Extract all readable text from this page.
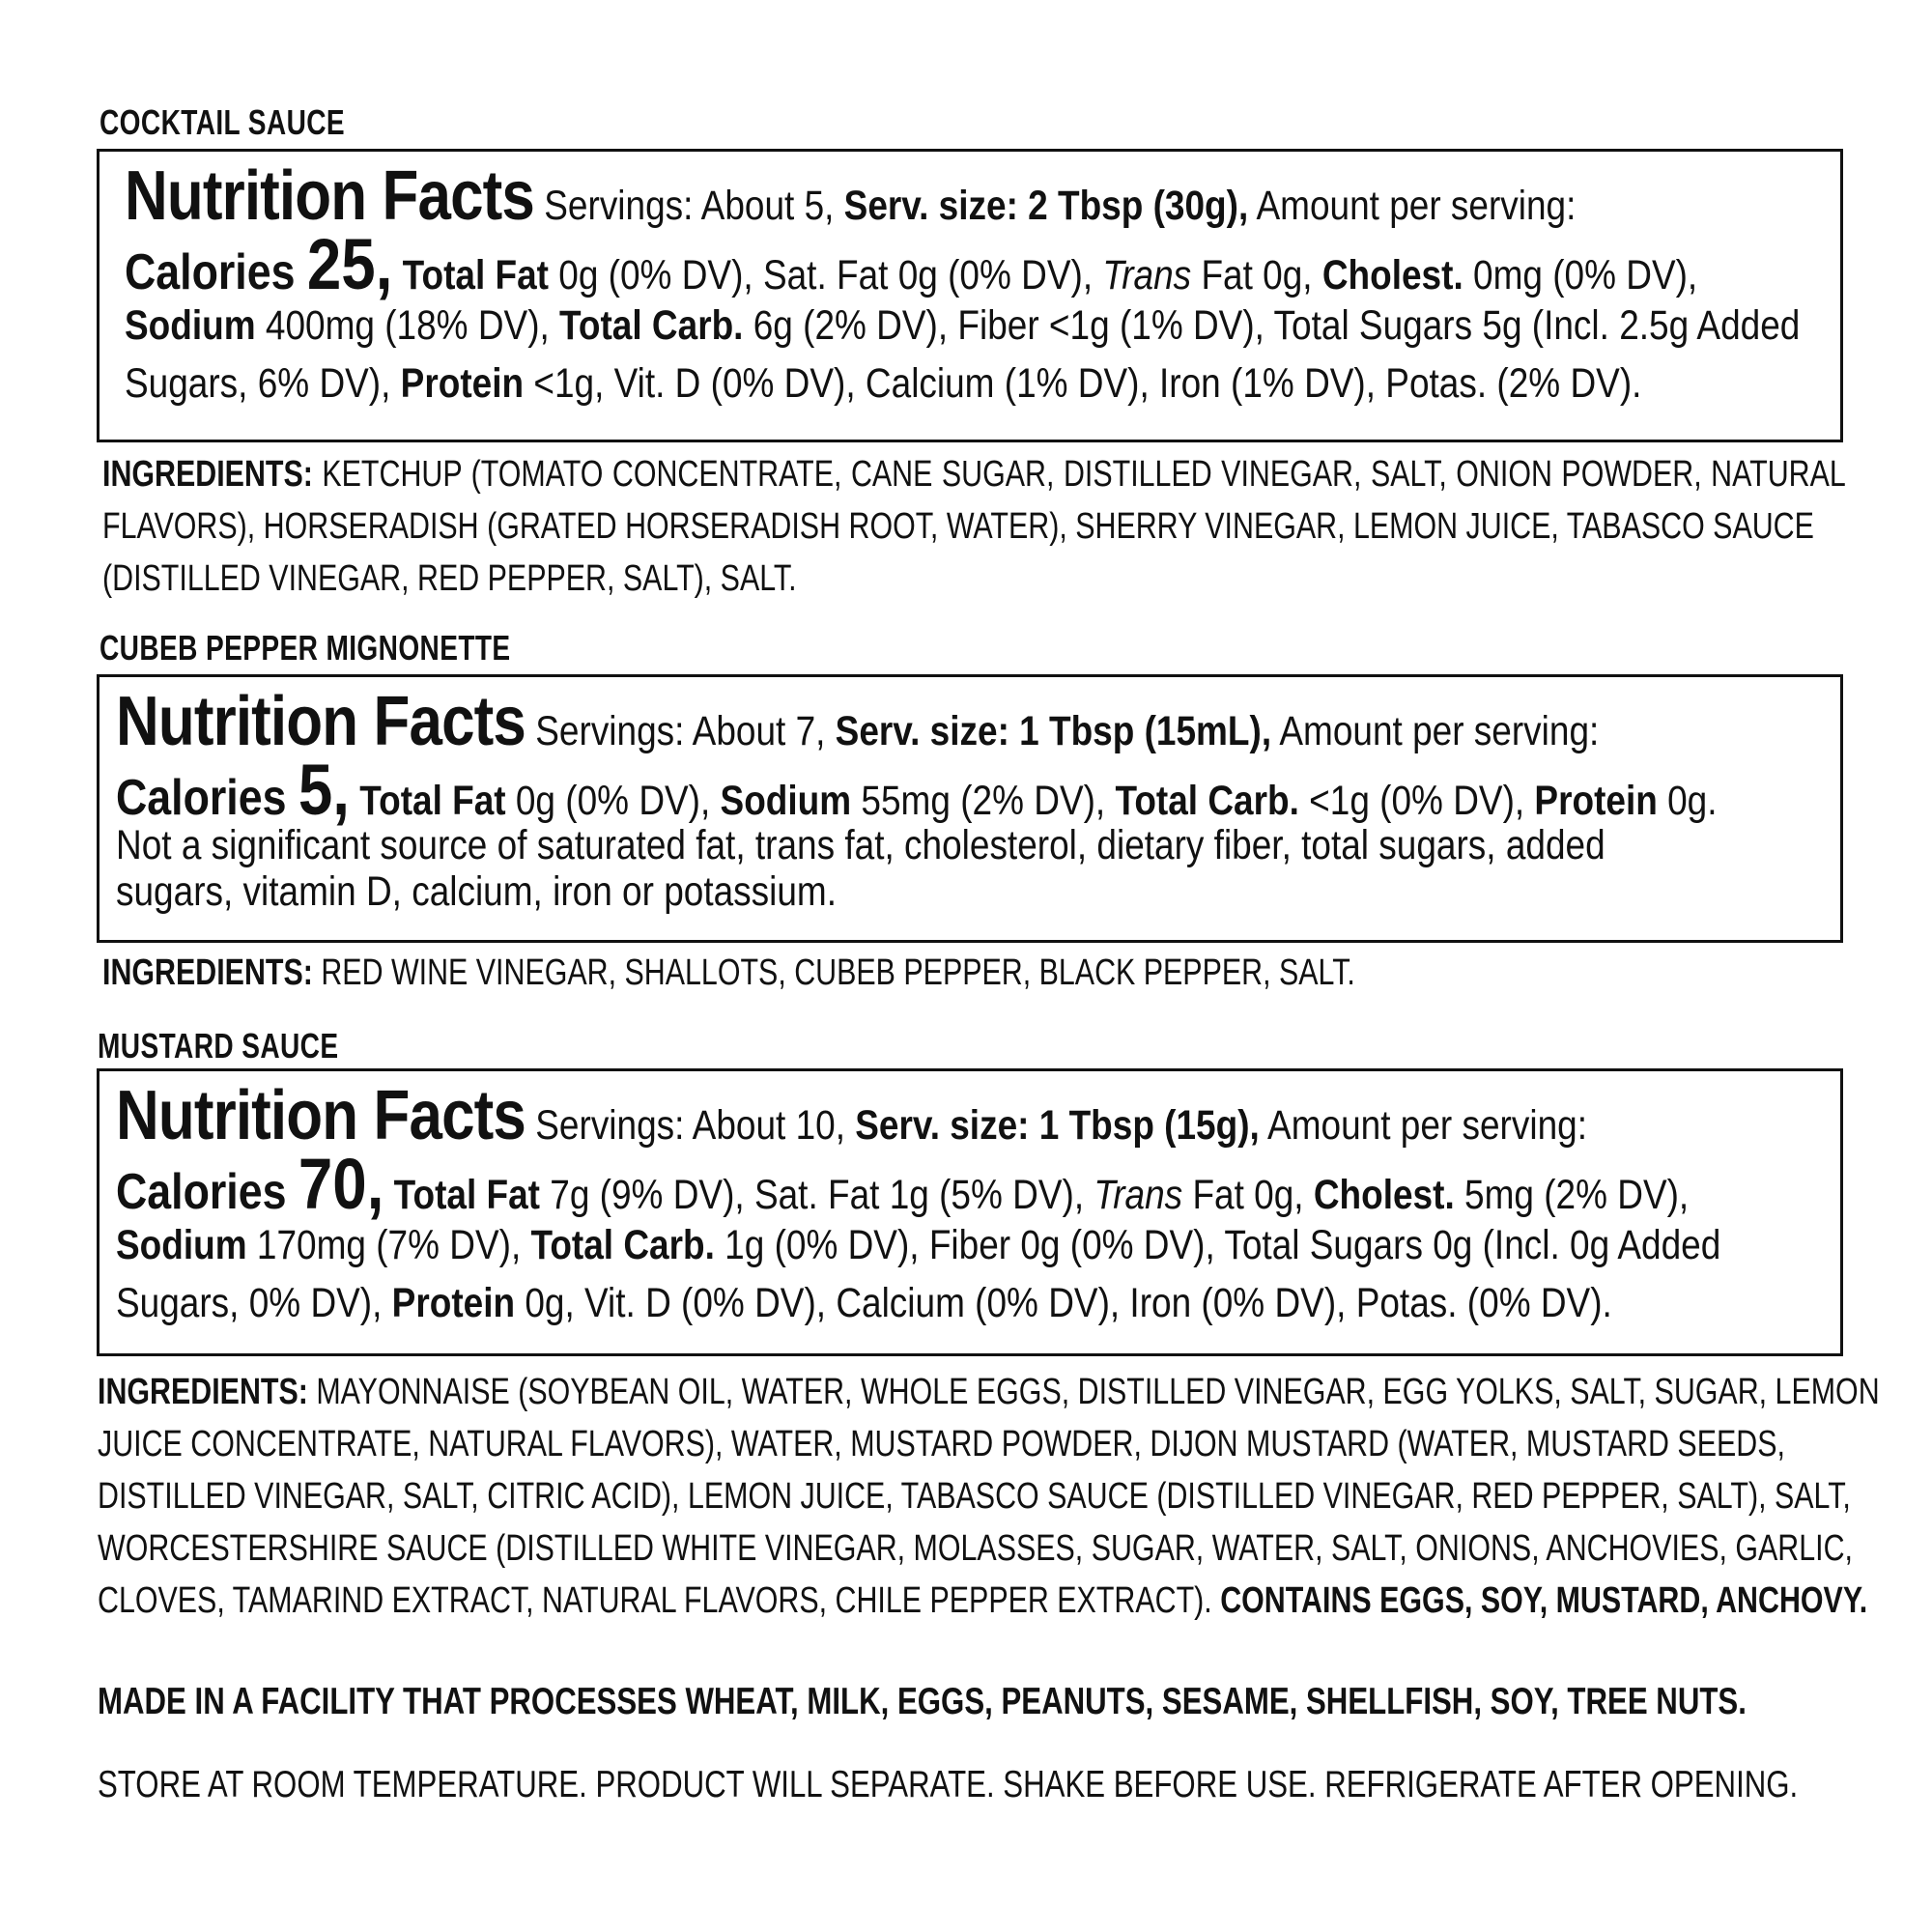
COCKTAIL SAUCE
Nutrition Facts Servings: About 5, Serv. size: 2 Tbsp (30g), Amount per serving:
Calories 25, Total Fat 0g (0% DV), Sat. Fat 0g (0% DV), Trans Fat 0g, Cholest. 0mg (0% DV),
Sodium 400mg (18% DV), Total Carb. 6g (2% DV), Fiber <1g (1% DV), Total Sugars 5g (Incl. 2.5g Added
Sugars, 6% DV), Protein <1g, Vit. D (0% DV), Calcium (1% DV), Iron (1% DV), Potas. (2% DV).
INGREDIENTS: KETCHUP (TOMATO CONCENTRATE, CANE SUGAR, DISTILLED VINEGAR, SALT, ONION POWDER, NATURAL
FLAVORS), HORSERADISH (GRATED HORSERADISH ROOT, WATER), SHERRY VINEGAR, LEMON JUICE, TABASCO SAUCE
(DISTILLED VINEGAR, RED PEPPER, SALT), SALT.
CUBEB PEPPER MIGNONETTE
Nutrition Facts Servings: About 7, Serv. size: 1 Tbsp (15mL), Amount per serving:
Calories 5, Total Fat 0g (0% DV), Sodium 55mg (2% DV), Total Carb. <1g (0% DV), Protein 0g.
Not a significant source of saturated fat, trans fat, cholesterol, dietary fiber, total sugars, added
sugars, vitamin D, calcium, iron or potassium.
INGREDIENTS: RED WINE VINEGAR, SHALLOTS, CUBEB PEPPER, BLACK PEPPER, SALT.
MUSTARD SAUCE
Nutrition Facts Servings: About 10, Serv. size: 1 Tbsp (15g), Amount per serving:
Calories 70, Total Fat 7g (9% DV), Sat. Fat 1g (5% DV), Trans Fat 0g, Cholest. 5mg (2% DV),
Sodium 170mg (7% DV), Total Carb. 1g (0% DV), Fiber 0g (0% DV), Total Sugars 0g (Incl. 0g Added
Sugars, 0% DV), Protein 0g, Vit. D (0% DV), Calcium (0% DV), Iron (0% DV), Potas. (0% DV).
INGREDIENTS: MAYONNAISE (SOYBEAN OIL, WATER, WHOLE EGGS, DISTILLED VINEGAR, EGG YOLKS, SALT, SUGAR, LEMON
JUICE CONCENTRATE, NATURAL FLAVORS), WATER, MUSTARD POWDER, DIJON MUSTARD (WATER, MUSTARD SEEDS,
DISTILLED VINEGAR, SALT, CITRIC ACID), LEMON JUICE, TABASCO SAUCE (DISTILLED VINEGAR, RED PEPPER, SALT), SALT,
WORCESTERSHIRE SAUCE (DISTILLED WHITE VINEGAR, MOLASSES, SUGAR, WATER, SALT, ONIONS, ANCHOVIES, GARLIC,
CLOVES, TAMARIND EXTRACT, NATURAL FLAVORS, CHILE PEPPER EXTRACT). CONTAINS EGGS, SOY, MUSTARD, ANCHOVY.
MADE IN A FACILITY THAT PROCESSES WHEAT, MILK, EGGS, PEANUTS, SESAME, SHELLFISH, SOY, TREE NUTS.
STORE AT ROOM TEMPERATURE. PRODUCT WILL SEPARATE. SHAKE BEFORE USE. REFRIGERATE AFTER OPENING.
